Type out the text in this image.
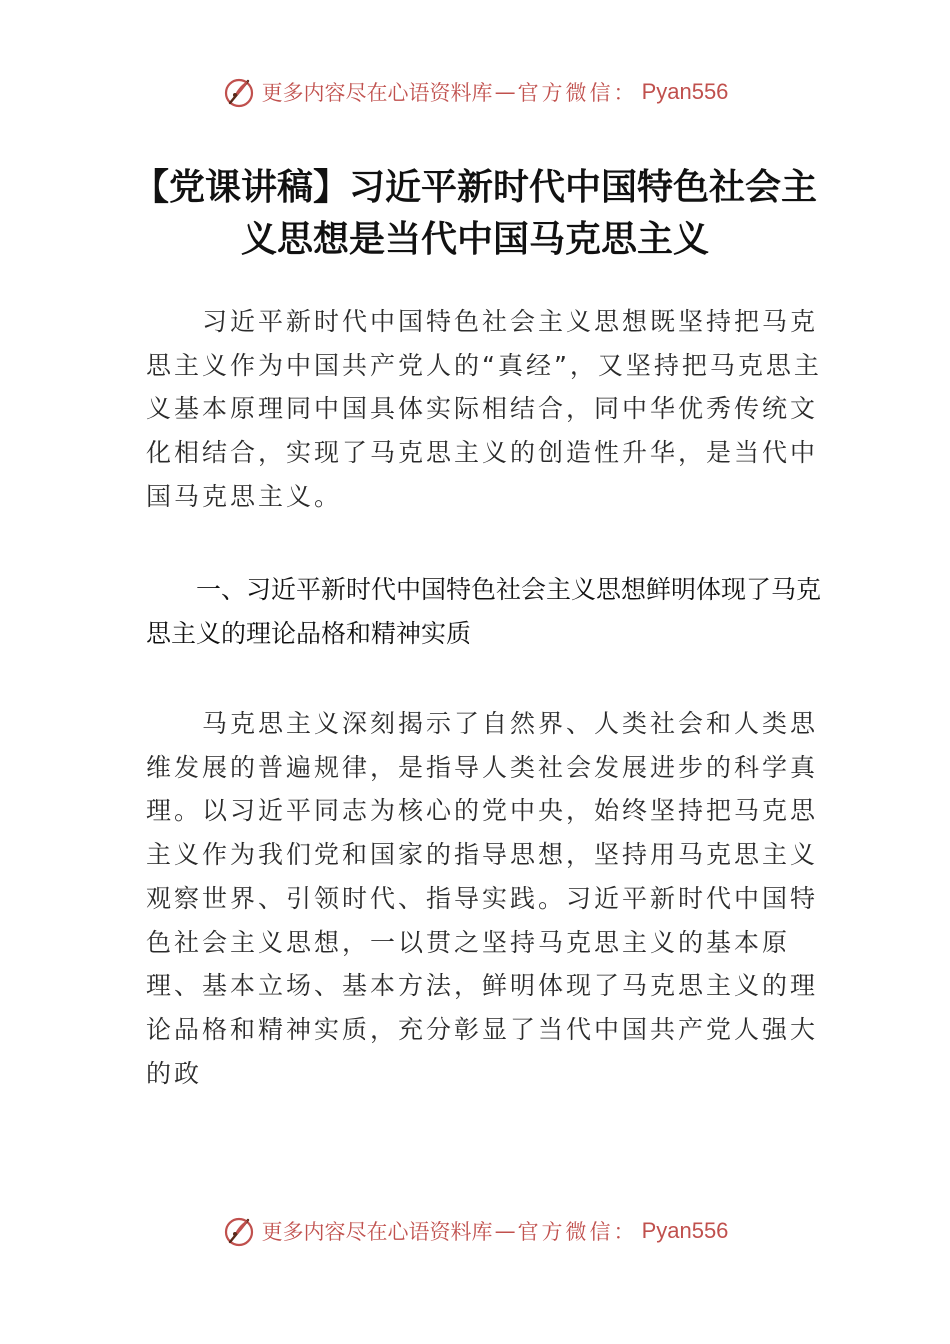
更多内容尽在心语资料库 — 官方微信： Pyan556
【党课讲稿】习近平新时代中国特色社会主义思想是当代中国马克思主义

习近平新时代中国特色社会主义思想既坚持把马克思主义作为中国共产党人的“真经”，又坚持把马克思主义基本原理同中国具体实际相结合，同中华优秀传统文化相结合，实现了马克思主义的创造性升华，是当代中国马克思主义。

一、习近平新时代中国特色社会主义思想鲜明体现了马克思主义的理论品格和精神实质

马克思主义深刻揭示了自然界、人类社会和人类思维发展的普遍规律，是指导人类社会发展进步的科学真理。以习近平同志为核心的党中央，始终坚持把马克思主义作为我们党和国家的指导思想，坚持用马克思主义观察世界、引领时代、指导实践。习近平新时代中国特色社会主义思想，一以贯之坚持马克思主义的基本原理、基本立场、基本方法，鲜明体现了马克思主义的理论品格和精神实质，充分彰显了当代中国共产党人强大的政

更多内容尽在心语资料库 — 官方微信： Pyan556
